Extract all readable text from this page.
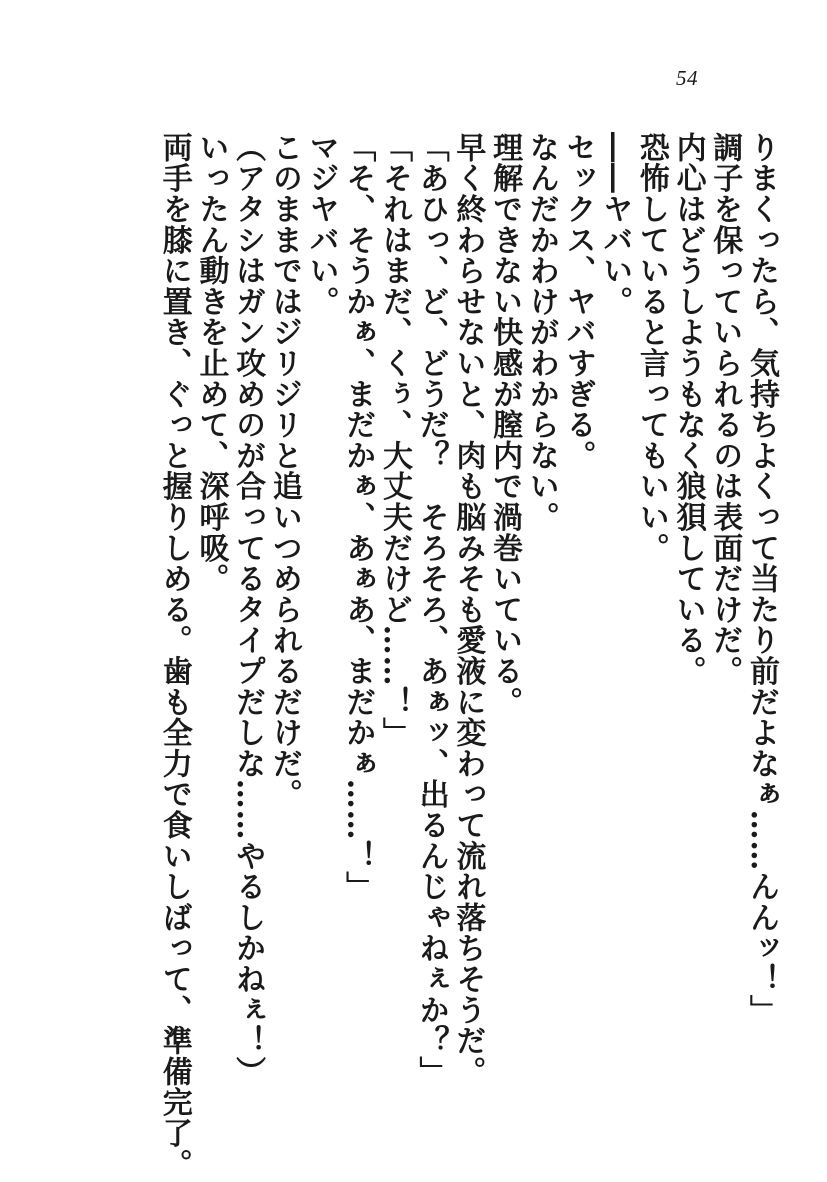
54
りまくったら、気持ちよくって当たり前だよなぁ……んんッ！」
調子を保っていられるのは表面だけだ。
内心はどうしようもなく狼狽している。
恐怖していると言ってもいい。
――ヤバい。
セックス、ヤバすぎる。
なんだかわけがわからない。
理解できない快感が膣内で渦巻いている。
早く終わらせないと、肉も脳みそも愛液に変わって流れ落ちそうだ。
「あひっ、ど、どうだ？　そろそろ、あぁッ、出るんじゃねぇか？」
「それはまだ、くぅ、大丈夫だけど……！」
「そ、そうかぁ、まだかぁ、あぁあ、まだかぁ……！」
マジヤバい。
このままではジリジリと追いつめられるだけだ。
（アタシはガン攻めのが合ってるタイプだしな……やるしかねぇ！）
いったん動きを止めて、深呼吸。
両手を膝に置き、ぐっと握りしめる。歯も全力で食いしばって、準備完了。
